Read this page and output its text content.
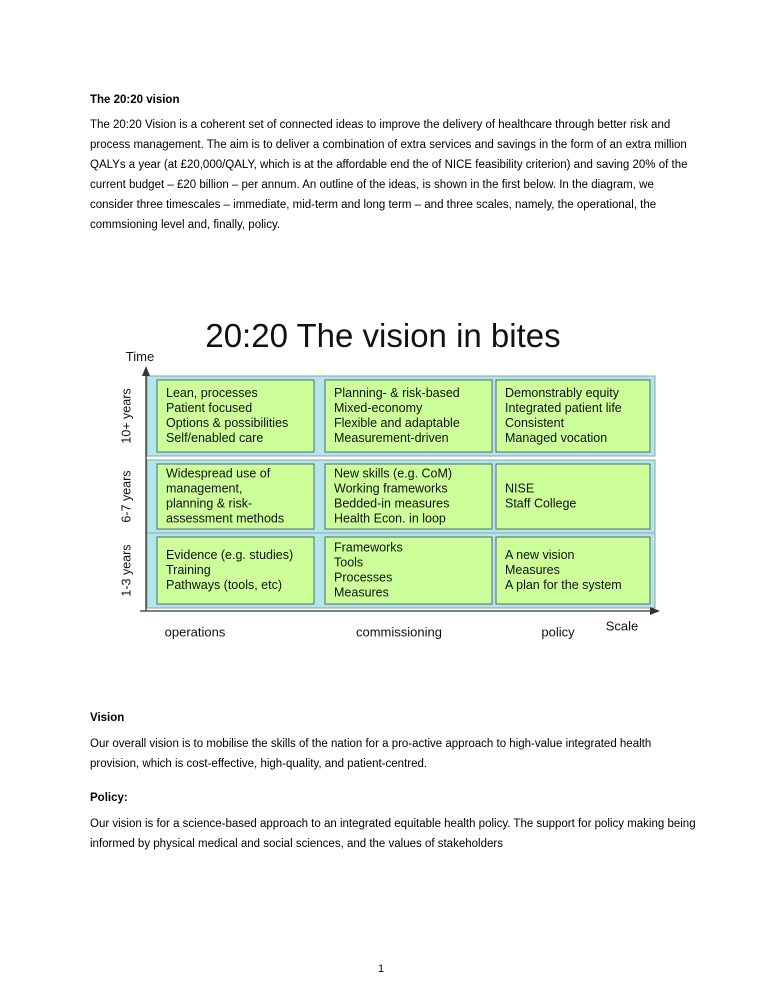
The 20:20 vision
The 20:20 Vision is a coherent set of connected ideas to improve the delivery of healthcare through better risk and process management. The aim is to deliver a combination of extra services and savings in the form of an extra million QALYs a year (at £20,000/QALY, which is at the affordable end the of NICE feasibility criterion) and saving 20% of the current budget – £20 billion – per annum. An outline of the ideas, is shown in the first below. In the diagram, we consider three timescales – immediate, mid-term and long term – and three scales, namely, the operational, the commsioning level and, finally, policy.
20:20 The vision in bites
Time
10+ years
6-7 years
1-3 years
Lean, processes
Patient focused
Options & possibilities
Self/enabled care
Planning- & risk-based
Mixed-economy
Flexible and adaptable
Measurement-driven
Demonstrably equity
Integrated patient life
Consistent
Managed vocation
Widespread use of
management,
planning & risk-
assessment methods
New skills (e.g. CoM)
Working frameworks
Bedded-in measures
Health Econ. in loop
NISE
Staff College
Evidence (e.g. studies)
Training
Pathways (tools, etc)
Frameworks
Tools
Processes
Measures
A new vision
Measures
A plan for the system
operations	commissioning	policy Scale
Vision
Our overall vision is to mobilise the skills of the nation for a pro-active approach to high-value integrated health provision, which is cost-effective, high-quality, and patient-centred.
Policy:
Our vision is for a science-based approach to an integrated equitable health policy. The support for policy making being informed by physical medical and social sciences, and the values of stakeholders
1
